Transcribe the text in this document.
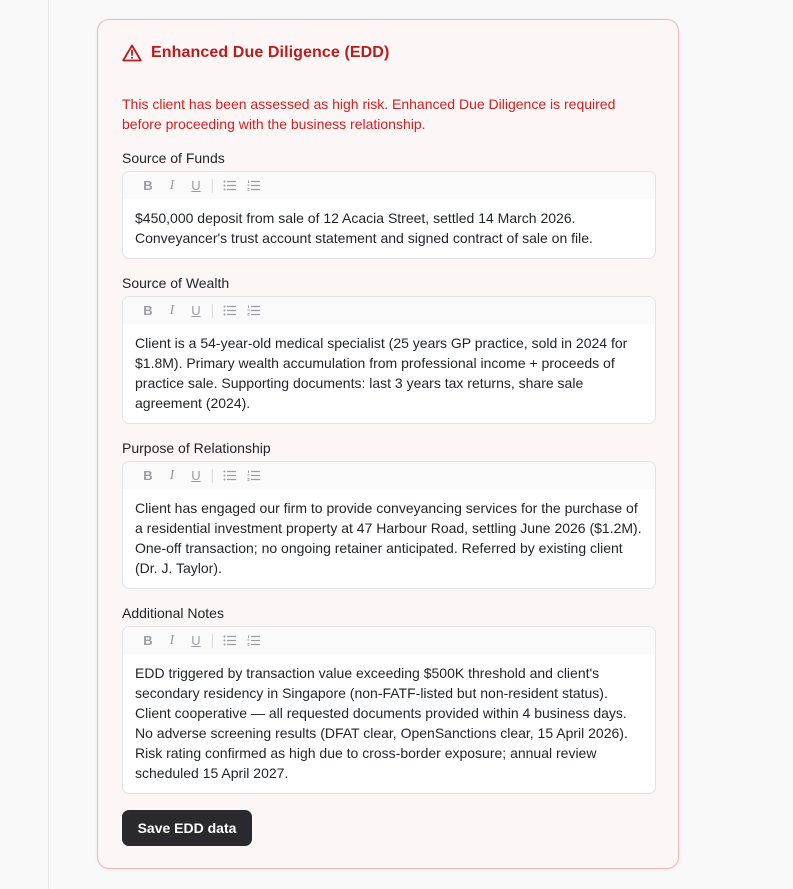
Enhanced Due Diligence (EDD)
This client has been assessed as high risk. Enhanced Due Diligence is required before proceeding with the business relationship.
Source of Funds
B	I	U
$450,000 deposit from sale of 12 Acacia Street, settled 14 March 2026. Conveyancer's trust account statement and signed contract of sale on file.
Source of Wealth
B	I	U
Client is a 54-year-old medical specialist (25 years GP practice, sold in 2024 for $1.8M). Primary wealth accumulation from professional income + proceeds of practice sale. Supporting documents: last 3 years tax returns, share sale agreement (2024).
Purpose of Relationship
B	I	U
Client has engaged our firm to provide conveyancing services for the purchase of a residential investment property at 47 Harbour Road, settling June 2026 ($1.2M). One-off transaction; no ongoing retainer anticipated. Referred by existing client (Dr. J. Taylor).
Additional Notes
B	I	U
EDD triggered by transaction value exceeding $500K threshold and client's secondary residency in Singapore (non-FATF-listed but non-resident status). Client cooperative — all requested documents provided within 4 business days. No adverse screening results (DFAT clear, OpenSanctions clear, 15 April 2026). Risk rating confirmed as high due to cross-border exposure; annual review scheduled 15 April 2027.
Save EDD data
